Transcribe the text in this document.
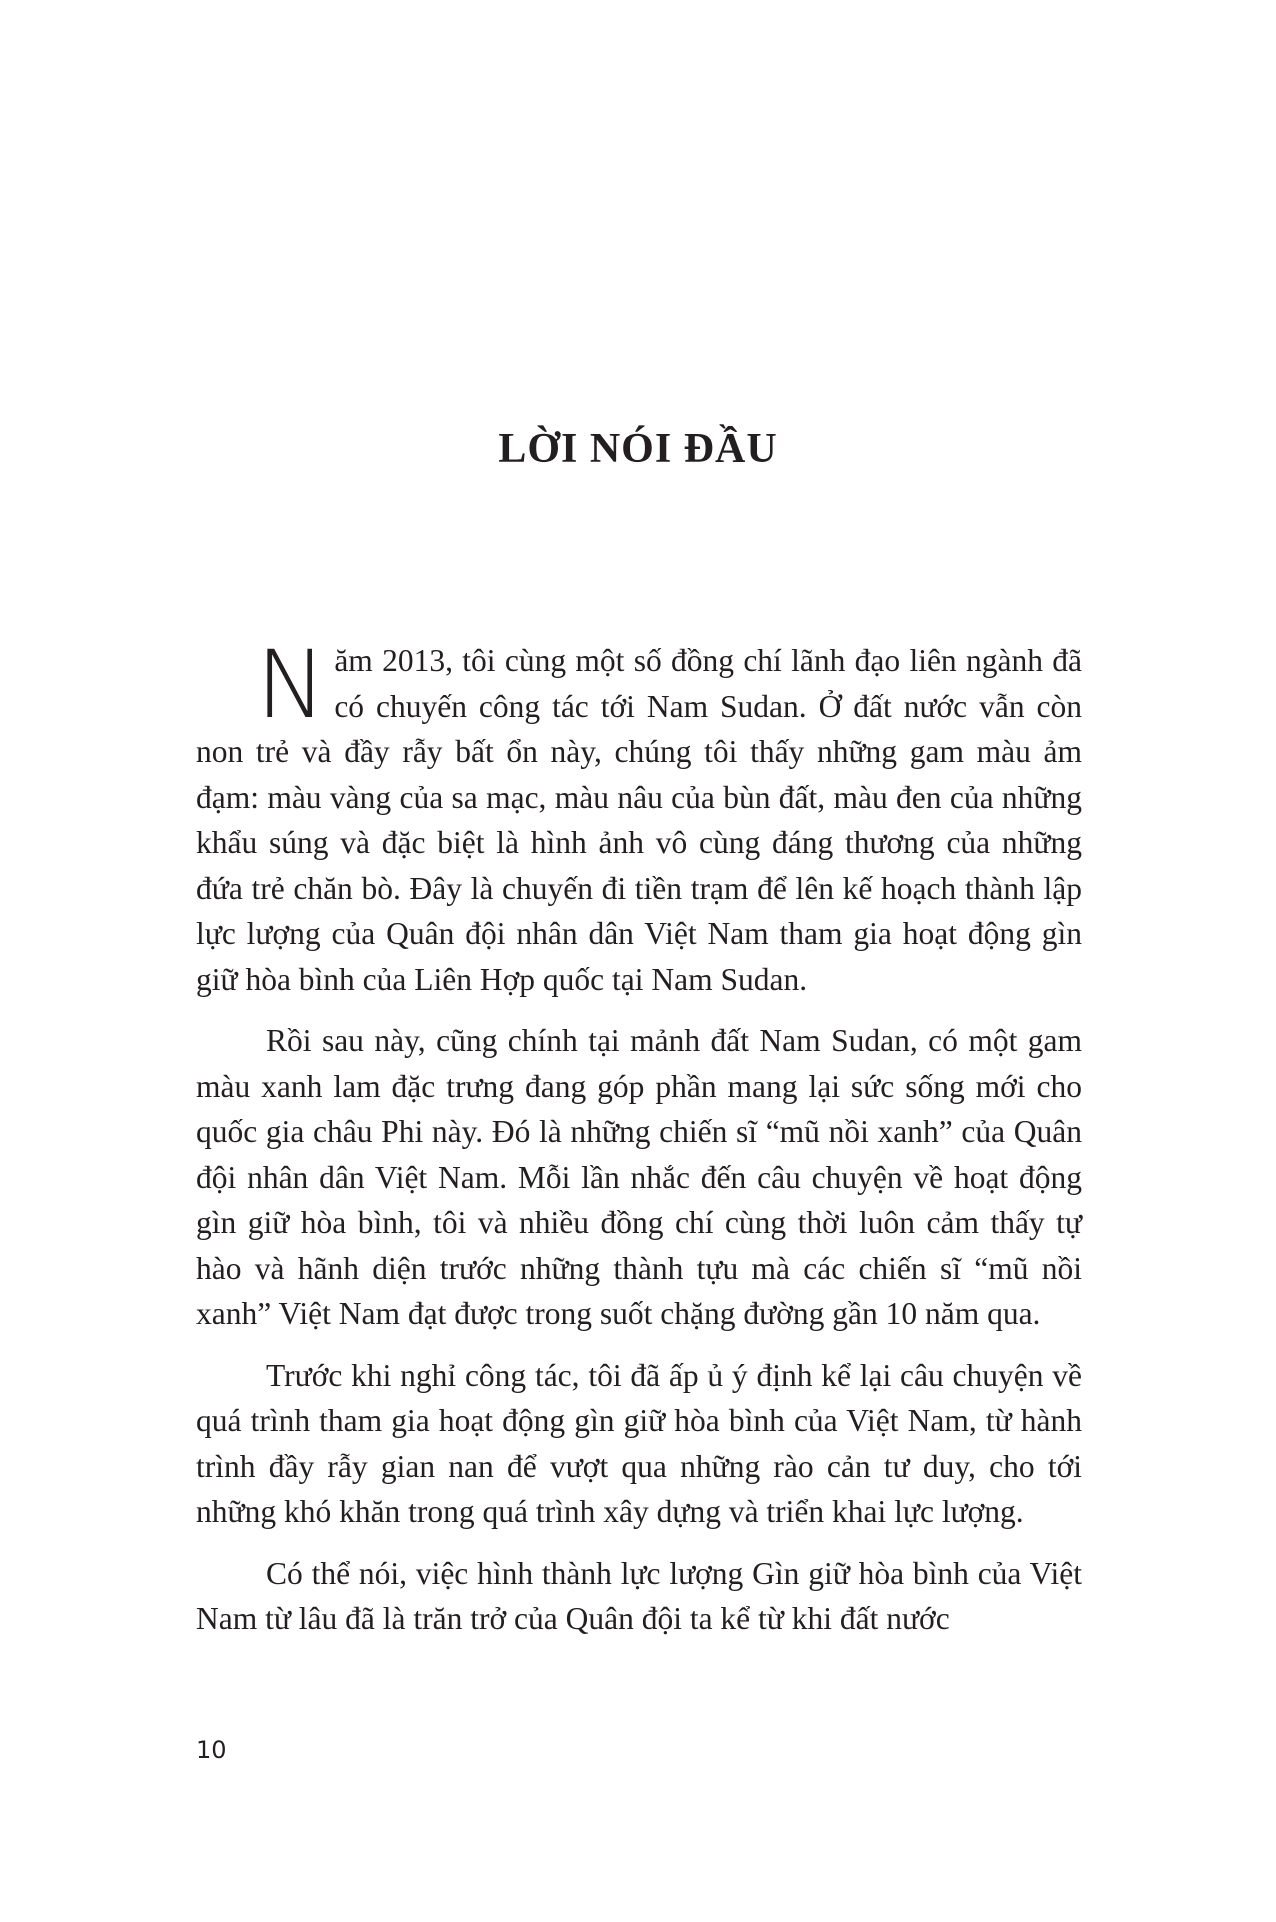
LỜI NÓI ĐẦU

Năm 2013, tôi cùng một số đồng chí lãnh đạo liên ngành đã có chuyến công tác tới Nam Sudan. Ở đất nước vẫn còn non trẻ và đầy rẫy bất ổn này, chúng tôi thấy những gam màu ảm đạm: màu vàng của sa mạc, màu nâu của bùn đất, màu đen của những khẩu súng và đặc biệt là hình ảnh vô cùng đáng thương của những đứa trẻ chăn bò. Đây là chuyến đi tiền trạm để lên kế hoạch thành lập lực lượng của Quân đội nhân dân Việt Nam tham gia hoạt động gìn giữ hòa bình của Liên Hợp quốc tại Nam Sudan.

Rồi sau này, cũng chính tại mảnh đất Nam Sudan, có một gam màu xanh lam đặc trưng đang góp phần mang lại sức sống mới cho quốc gia châu Phi này. Đó là những chiến sĩ “mũ nồi xanh” của Quân đội nhân dân Việt Nam. Mỗi lần nhắc đến câu chuyện về hoạt động gìn giữ hòa bình, tôi và nhiều đồng chí cùng thời luôn cảm thấy tự hào và hãnh diện trước những thành tựu mà các chiến sĩ “mũ nồi xanh” Việt Nam đạt được trong suốt chặng đường gần 10 năm qua.

Trước khi nghỉ công tác, tôi đã ấp ủ ý định kể lại câu chuyện về quá trình tham gia hoạt động gìn giữ hòa bình của Việt Nam, từ hành trình đầy rẫy gian nan để vượt qua những rào cản tư duy, cho tới những khó khăn trong quá trình xây dựng và triển khai lực lượng.

Có thể nói, việc hình thành lực lượng Gìn giữ hòa bình của Việt Nam từ lâu đã là trăn trở của Quân đội ta kể từ khi đất nước

10
